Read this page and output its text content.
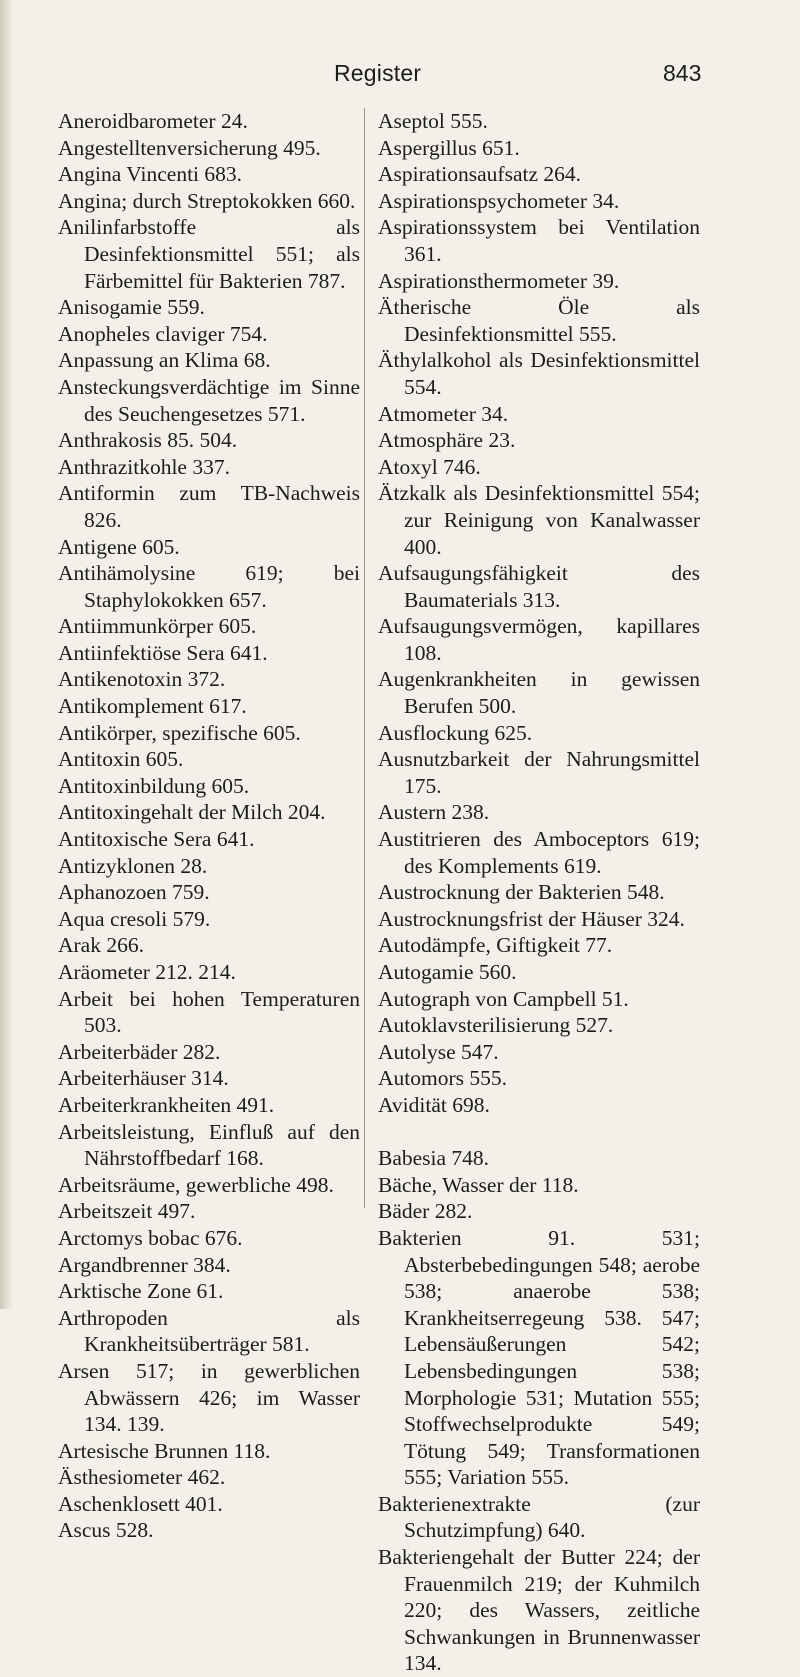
Register	843
Aneroidbarometer 24.
Angestelltenversicherung 495.
Angina Vincenti 683.
Angina; durch Streptokokken 660.
Anilinfarbstoffe als Desinfektionsmittel 551; als Färbemittel für Bakterien 787.
Anisogamie 559.
Anopheles claviger 754.
Anpassung an Klima 68.
Ansteckungsverdächtige im Sinne des Seuchengesetzes 571.
Anthrakosis 85. 504.
Anthrazitkohle 337.
Antiformin zum TB-Nachweis 826.
Antigene 605.
Antihämolysine 619; bei Staphylokokken 657.
Antiimmunkörper 605.
Antiinfektiöse Sera 641.
Antikenotoxin 372.
Antikomplement 617.
Antikörper, spezifische 605.
Antitoxin 605.
Antitoxinbildung 605.
Antitoxingehalt der Milch 204.
Antitoxische Sera 641.
Antizyklonen 28.
Aphanozoen 759.
Aqua cresoli 579.
Arak 266.
Aräometer 212. 214.
Arbeit bei hohen Temperaturen 503.
Arbeiterbäder 282.
Arbeiterhäuser 314.
Arbeiterkrankheiten 491.
Arbeitsleistung, Einfluß auf den Nährstoffbedarf 168.
Arbeitsräume, gewerbliche 498.
Arbeitszeit 497.
Arctomys bobac 676.
Argandbrenner 384.
Arktische Zone 61.
Arthropoden als Krankheitsüberträger 581.
Arsen 517; in gewerblichen Abwässern 426; im Wasser 134. 139.
Artesische Brunnen 118.
Ästhesiometer 462.
Aschenklosett 401.
Ascus 528.
Aseptol 555.
Aspergillus 651.
Aspirationsaufsatz 264.
Aspirationspsychometer 34.
Aspirationssystem bei Ventilation 361.
Aspirationsthermometer 39.
Ätherische Öle als Desinfektionsmittel 555.
Äthylalkohol als Desinfektionsmittel 554.
Atmometer 34.
Atmosphäre 23.
Atoxyl 746.
Ätzkalk als Desinfektionsmittel 554; zur Reinigung von Kanalwasser 400.
Aufsaugungsfähigkeit des Baumaterials 313.
Aufsaugungsvermögen, kapillares 108.
Augenkrankheiten in gewissen Berufen 500.
Ausflockung 625.
Ausnutzbarkeit der Nahrungsmittel 175.
Austern 238.
Austitrieren des Amboceptors 619; des Komplements 619.
Austrocknung der Bakterien 548.
Austrocknungsfrist der Häuser 324.
Autodämpfe, Giftigkeit 77.
Autogamie 560.
Autograph von Campbell 51.
Autoklavsterilisierung 527.
Autolyse 547.
Automors 555.
Avidität 698.
Babesia 748.
Bäche, Wasser der 118.
Bäder 282.
Bakterien 91. 531; Absterbebedingungen 548; aerobe 538; anaerobe 538; Krankheitserregeung 538. 547; Lebensäußerungen 542; Lebensbedingungen 538; Morphologie 531; Mutation 555; Stoffwechselprodukte 549; Tötung 549; Transformationen 555; Variation 555.
Bakterienextrakte (zur Schutzimpfung) 640.
Bakteriengehalt der Butter 224; der Frauenmilch 219; der Kuhmilch 220; des Wassers, zeitliche Schwankungen in Brunnenwasser 134.
